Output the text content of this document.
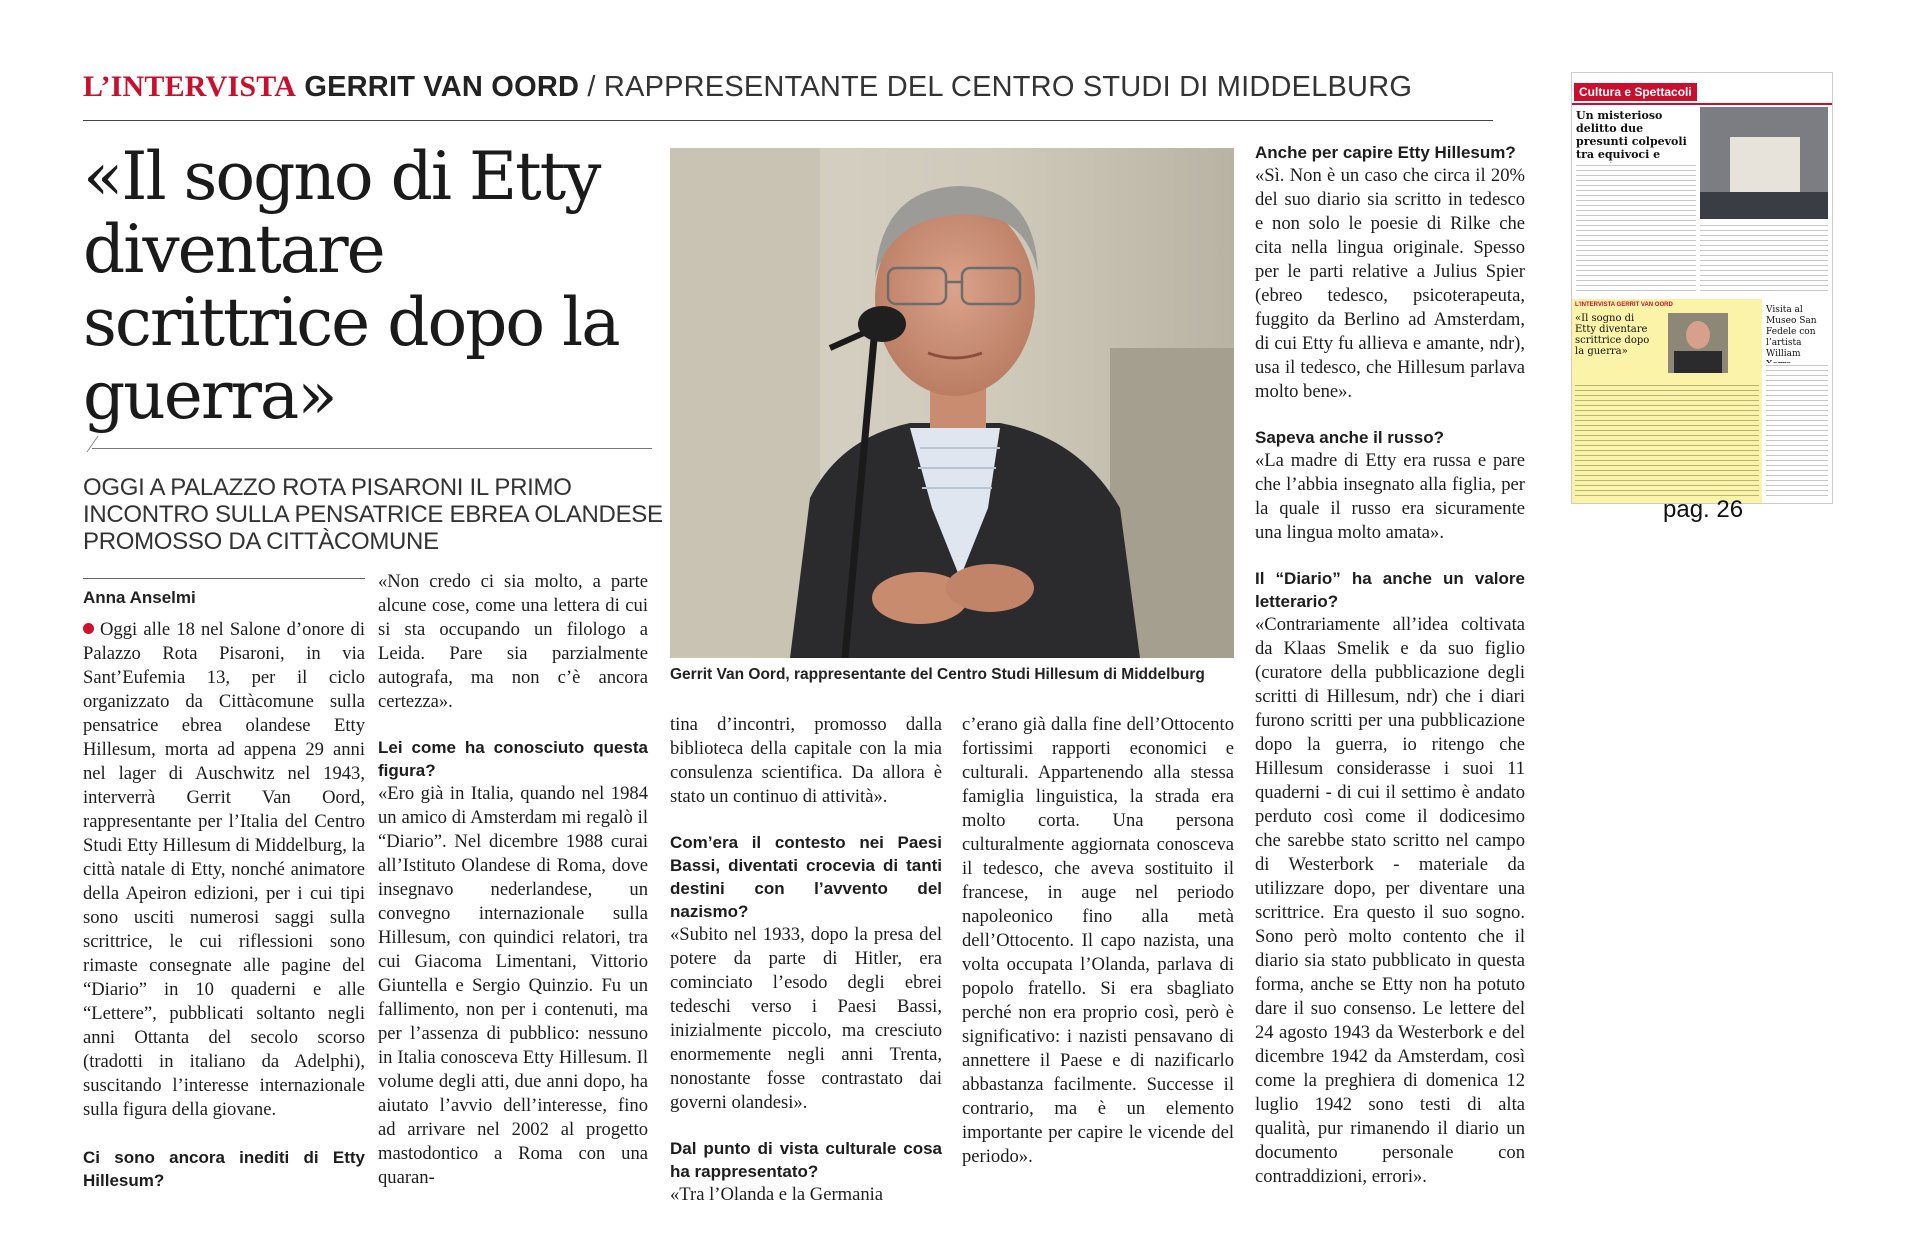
L’INTERVISTA GERRIT VAN OORD / RAPPRESENTANTE DEL CENTRO STUDI DI MIDDELBURG
«Il sogno di Etty diventare scrittrice dopo la guerra»
OGGI A PALAZZO ROTA PISARONI IL PRIMO INCONTRO SULLA PENSATRICE EBREA OLANDESE PROMOSSO DA CITTÀCOMUNE
Anna Anselmi

Oggi alle 18 nel Salone d’onore di Palazzo Rota Pisaroni, in via Sant’Eufemia 13, per il ciclo organizzato da Cittàcomune sulla pensatrice ebrea olandese Etty Hillesum, morta ad appena 29 anni nel lager di Auschwitz nel 1943, interverrà Gerrit Van Oord, rappresentante per l’Italia del Centro Studi Etty Hillesum di Middelburg, la città natale di Etty, nonché animatore della Apeiron edizioni, per i cui tipi sono usciti numerosi saggi sulla scrittrice, le cui riflessioni sono rimaste consegnate alle pagine del “Diario” in 10 quaderni e alle “Lettere”, pubblicati soltanto negli anni Ottanta del secolo scorso (tradotti in italiano da Adelphi), suscitando l’interesse internazionale sulla figura della giovane.

Ci sono ancora inediti di Etty Hillesum?

«Non credo ci sia molto, a parte alcune cose, come una lettera di cui si sta occupando un filologo a Leida. Pare sia parzialmente autografa, ma non c’è ancora certezza».

Lei come ha conosciuto questa figura?

«Ero già in Italia, quando nel 1984 un amico di Amsterdam mi regalò il “Diario”. Nel dicembre 1988 curai all’Istituto Olandese di Roma, dove insegnavo nederlandese, un convegno internazionale sulla Hillesum, con quindici relatori, tra cui Giacoma Limentani, Vittorio Giuntella e Sergio Quinzio. Fu un fallimento, non per i contenuti, ma per l’assenza di pubblico: nessuno in Italia conosceva Etty Hillesum. Il volume degli atti, due anni dopo, ha aiutato l’avvio dell’interesse, fino ad arrivare nel 2002 al progetto mastodontico a Roma con una quaran-

Gerrit Van Oord, rappresentante del Centro Studi Hillesum di Middelburg

tina d’incontri, promosso dalla biblioteca della capitale con la mia consulenza scientifica. Da allora è stato un continuo di attività».

Com’era il contesto nei Paesi Bassi, diventati crocevia di tanti destini con l’avvento del nazismo?

«Subito nel 1933, dopo la presa del potere da parte di Hitler, era cominciato l’esodo degli ebrei tedeschi verso i Paesi Bassi, inizialmente piccolo, ma cresciuto enormemente negli anni Trenta, nonostante fosse contrastato dai governi olandesi».

Dal punto di vista culturale cosa ha rappresentato?

«Tra l’Olanda e la Germania

c’erano già dalla fine dell’Ottocento fortissimi rapporti economici e culturali. Appartenendo alla stessa famiglia linguistica, la strada era molto corta. Una persona culturalmente aggiornata conosceva il tedesco, che aveva sostituito il francese, in auge nel periodo napoleonico fino alla metà dell’Ottocento. Il capo nazista, una volta occupata l’Olanda, parlava di popolo fratello. Si era sbagliato perché non era proprio così, però è significativo: i nazisti pensavano di annettere il Paese e di nazificarlo abbastanza facilmente. Successe il contrario, ma è un elemento importante per capire le vicende del periodo».

Anche per capire Etty Hillesum?

«Sì. Non è un caso che circa il 20% del suo diario sia scritto in tedesco e non solo le poesie di Rilke che cita nella lingua originale. Spesso per le parti relative a Julius Spier (ebreo tedesco, psicoterapeuta, fuggito da Berlino ad Amsterdam, di cui Etty fu allieva e amante, ndr), usa il tedesco, che Hillesum parlava molto bene».

Sapeva anche il russo?

«La madre di Etty era russa e pare che l’abbia insegnato alla figlia, per la quale il russo era sicuramente una lingua molto amata».

Il “Diario” ha anche un valore letterario?

«Contrariamente all’idea coltivata da Klaas Smelik e da suo figlio (curatore della pubblicazione degli scritti di Hillesum, ndr) che i diari furono scritti per una pubblicazione dopo la guerra, io ritengo che Hillesum considerasse i suoi 11 quaderni - di cui il settimo è andato perduto così come il dodicesimo che sarebbe stato scritto nel campo di Westerbork - materiale da utilizzare dopo, per diventare una scrittrice. Era questo il suo sogno. Sono però molto contento che il diario sia stato pubblicato in questa forma, anche se Etty non ha potuto dare il suo consenso. Le lettere del 24 agosto 1943 da Westerbork e del dicembre 1942 da Amsterdam, così come la preghiera di domenica 12 luglio 1942 sono testi di alta qualità, pur rimanendo il diario un documento personale con contraddizioni, errori».

Cultura e Spettacoli
Un misterioso delitto due presunti colpevoli tra equivoci e
L’INTERVISTA GERRIT VAN OORD
«Il sogno di Etty diventare scrittrice dopo la guerra»
Visita al Museo San Fedele con l’artista William
pag. 26
